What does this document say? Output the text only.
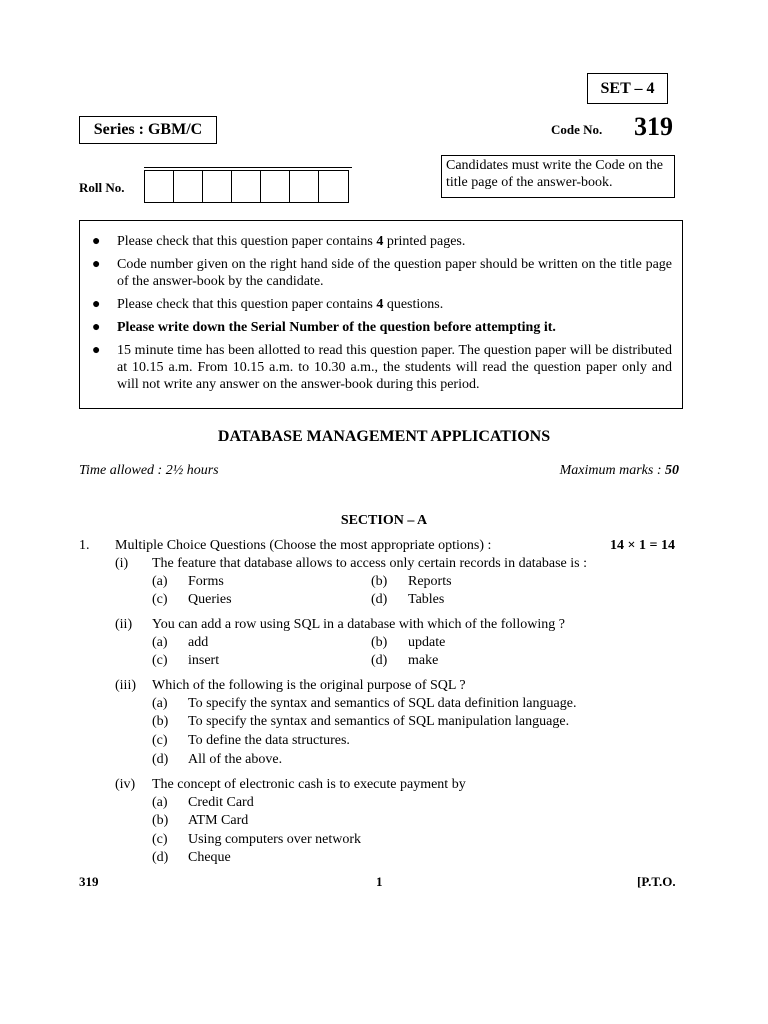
SET – 4
Series : GBM/C	Code No. 319
Candidates must write the Code on the title page of the answer-book.
Roll No.
● Please check that this question paper contains 4 printed pages.
● Code number given on the right hand side of the question paper should be written on the title page of the answer-book by the candidate.
● Please check that this question paper contains 4 questions.
● Please write down the Serial Number of the question before attempting it.
● 15 minute time has been allotted to read this question paper. The question paper will be distributed at 10.15 a.m. From 10.15 a.m. to 10.30 a.m., the students will read the question paper only and will not write any answer on the answer-book during this period.
DATABASE MANAGEMENT APPLICATIONS
Time allowed : 2½ hours	Maximum marks : 50
SECTION – A
1. Multiple Choice Questions (Choose the most appropriate options) :	14 × 1 = 14
(i) The feature that database allows to access only certain records in database is :
(a) Forms	(b) Reports
(c) Queries	(d) Tables
(ii) You can add a row using SQL in a database with which of the following ?
(a) add	(b) update
(c) insert	(d) make
(iii) Which of the following is the original purpose of SQL ?
(a) To specify the syntax and semantics of SQL data definition language.
(b) To specify the syntax and semantics of SQL manipulation language.
(c) To define the data structures.
(d) All of the above.
(iv) The concept of electronic cash is to execute payment by
(a) Credit Card
(b) ATM Card
(c) Using computers over network
(d) Cheque
319	1	[P.T.O.
